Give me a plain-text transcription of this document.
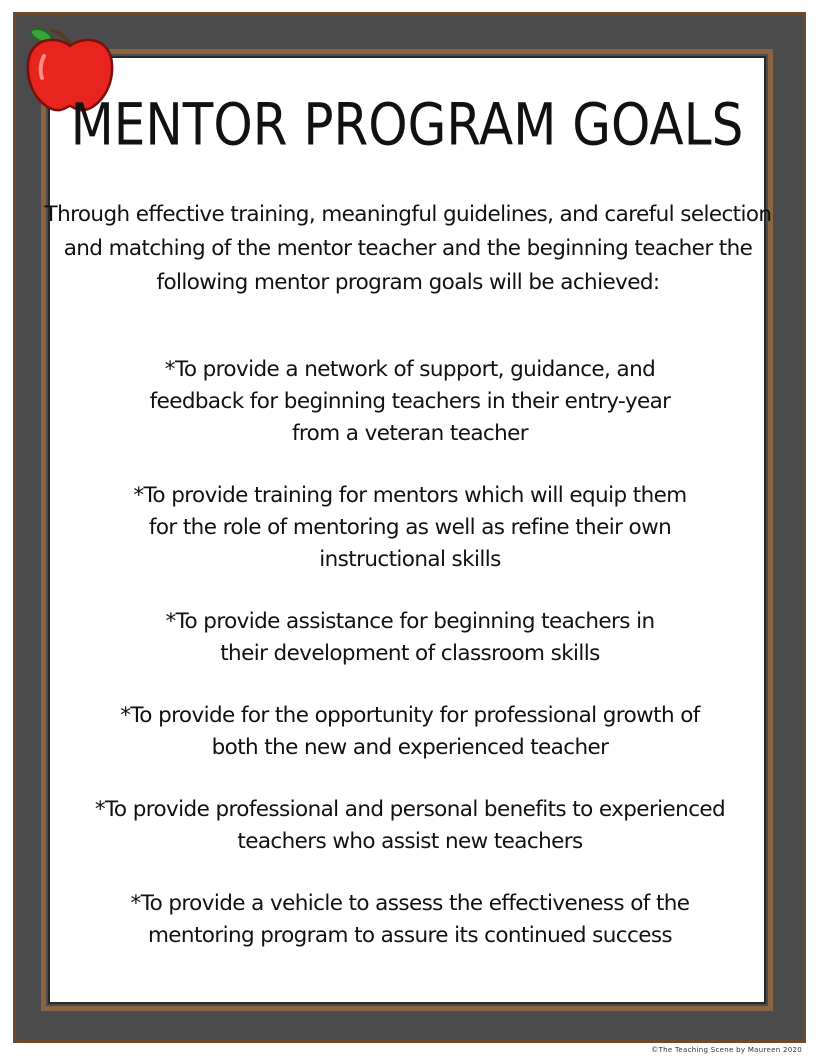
MENTOR PROGRAM GOALS

Through effective training, meaningful guidelines, and careful selection and matching of the mentor teacher and the beginning teacher the following mentor program goals will be achieved:

*To provide a network of support, guidance, and feedback for beginning teachers in their entry-year from a veteran teacher
*To provide training for mentors which will equip them for the role of mentoring as well as refine their own instructional skills
*To provide assistance for beginning teachers in their development of classroom skills
*To provide for the opportunity for professional growth of both the new and experienced teacher
*To provide professional and personal benefits to experienced teachers who assist new teachers
*To provide a vehicle to assess the effectiveness of the mentoring program to assure its continued success
©The Teaching Scene by Maureen 2020
